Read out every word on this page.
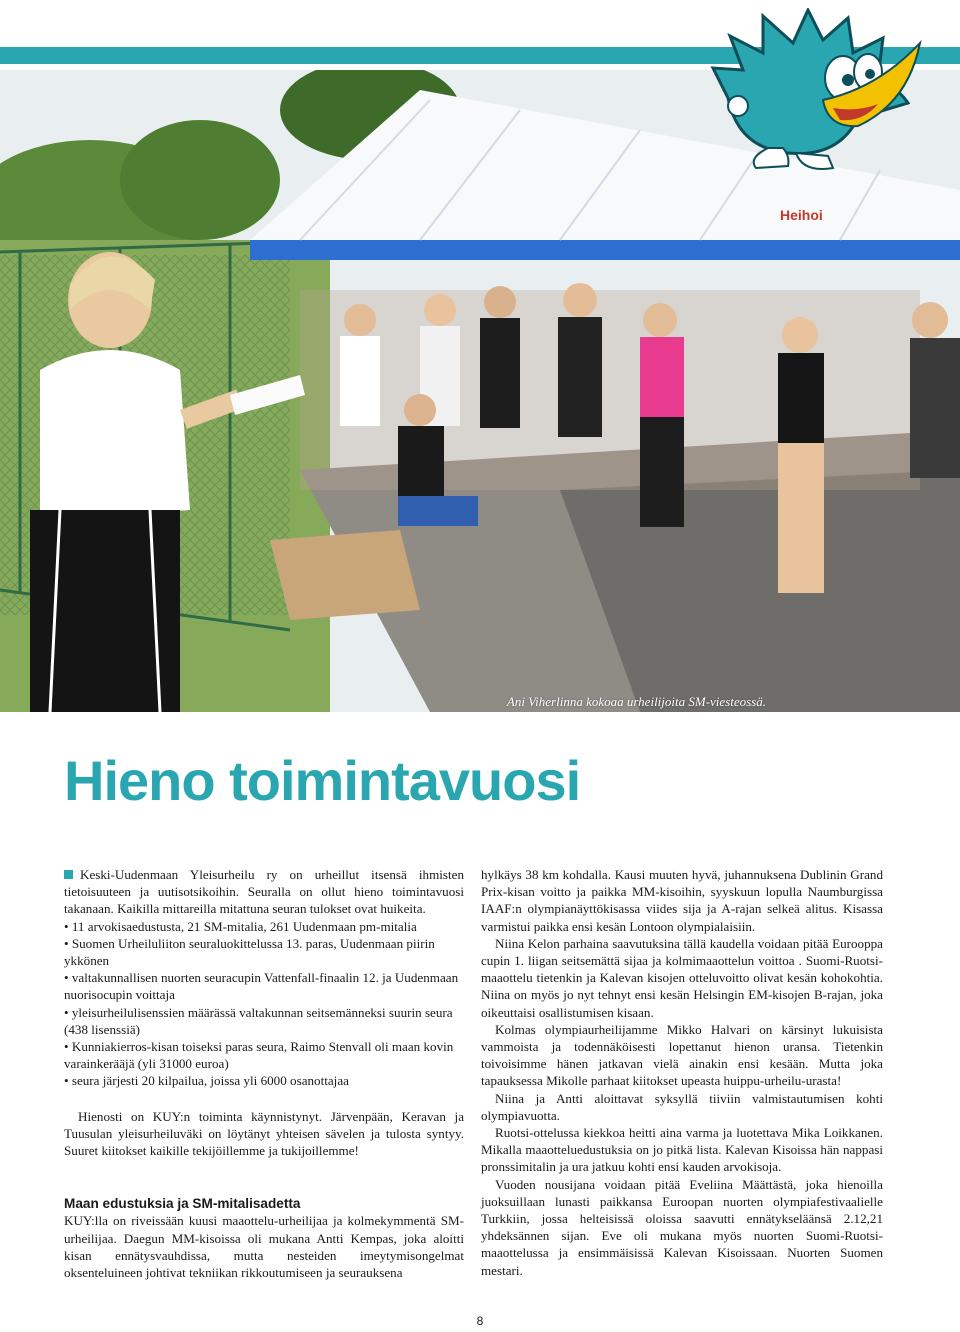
Heihoi
Ani Viherlinna kokoaa urheilijoita SM-viesteossä.
Hieno toimintavuosi

Keski-Uudenmaan Yleisurheilu ry on urheillut itsensä ihmisten tietoisuuteen ja uutisotsikoihin. Seuralla on ollut hieno toimintavuosi takanaan. Kaikilla mittareilla mitattuna seuran tulokset ovat huikeita.

• 11 arvokisaedustusta, 21 SM-mitalia, 261 Uudenmaan pm-mitalia
• Suomen Urheiluliiton seuraluokittelussa 13. paras, Uudenmaan piirin ykkönen
• valtakunnallisen nuorten seuracupin Vattenfall-finaalin 12. ja Uudenmaan nuorisocupin voittaja
• yleisurheilulisenssien määrässä valtakunnan seitsemänneksi suurin seura (438 lisenssiä)
• Kunniakierros-kisan toiseksi paras seura, Raimo Stenvall oli maan kovin varainkerääjä (yli 31000 euroa)
• seura järjesti 20 kilpailua, joissa yli 6000 osanottajaa

Hienosti on KUY:n toiminta käynnistynyt. Järvenpään, Keravan ja Tuusulan yleisurheiluväki on löytänyt yhteisen sävelen ja tulosta syntyy. Suuret kiitokset kaikille tekijöillemme ja tukijoillemme!

Maan edustuksia ja SM-mitalisadetta

KUY:lla on riveissään kuusi maaottelu-urheilijaa ja kolmekymmentä SM-urheilijaa. Daegun MM-kisoissa oli mukana Antti Kempas, joka aloitti kisan ennätysvauhdissa, mutta nesteiden imeytymisongelmat oksenteluineen johtivat tekniikan rikkoutumiseen ja seurauksena

hylkäys 38 km kohdalla. Kausi muuten hyvä, juhannuksena Dublinin Grand Prix-kisan voitto ja paikka MM-kisoihin, syyskuun lopulla Naumburgissa IAAF:n olympianäyttökisassa viides sija ja A-rajan selkeä alitus. Kisassa varmistui paikka ensi kesän Lontoon olympialaisiin.

Niina Kelon parhaina saavutuksina tällä kaudella voidaan pitää Eurooppa cupin 1. liigan seitsemättä sijaa ja kolmimaaottelun voittoa . Suomi-Ruotsi-maaottelu tietenkin ja Kalevan kisojen otteluvoitto olivat kesän kohokohtia. Niina on myös jo nyt tehnyt ensi kesän Helsingin EM-kisojen B-rajan, joka oikeuttaisi osallistumisen kisaan.

Kolmas olympiaurheilijamme Mikko Halvari on kärsinyt lukuisista vammoista ja todennäköisesti lopettanut hienon uransa. Tietenkin toivoisimme hänen jatkavan vielä ainakin ensi kesään. Mutta joka tapauksessa Mikolle parhaat kiitokset upeasta huippu-urheilu-urasta!

Niina ja Antti aloittavat syksyllä tiiviin valmistautumisen kohti olympiavuotta.

Ruotsi-ottelussa kiekkoa heitti aina varma ja luotettava Mika Loikkanen. Mikalla maaotteluedustuksia on jo pitkä lista. Kalevan Kisoissa hän nappasi pronssimitalin ja ura jatkuu kohti ensi kauden arvokisoja.

Vuoden nousijana voidaan pitää Eveliina Määttästä, joka hienoilla juoksuillaan lunasti paikkansa Euroopan nuorten olympiafestivaalielle Turkkiin, jossa helteisissä oloissa saavutti ennätykseläänsä 2.12,21 yhdeksännen sijan. Eve oli mukana myös nuorten Suomi-Ruotsi-maaottelussa ja ensimmäisissä Kalevan Kisoissaan. Nuorten Suomen mestari.

8
